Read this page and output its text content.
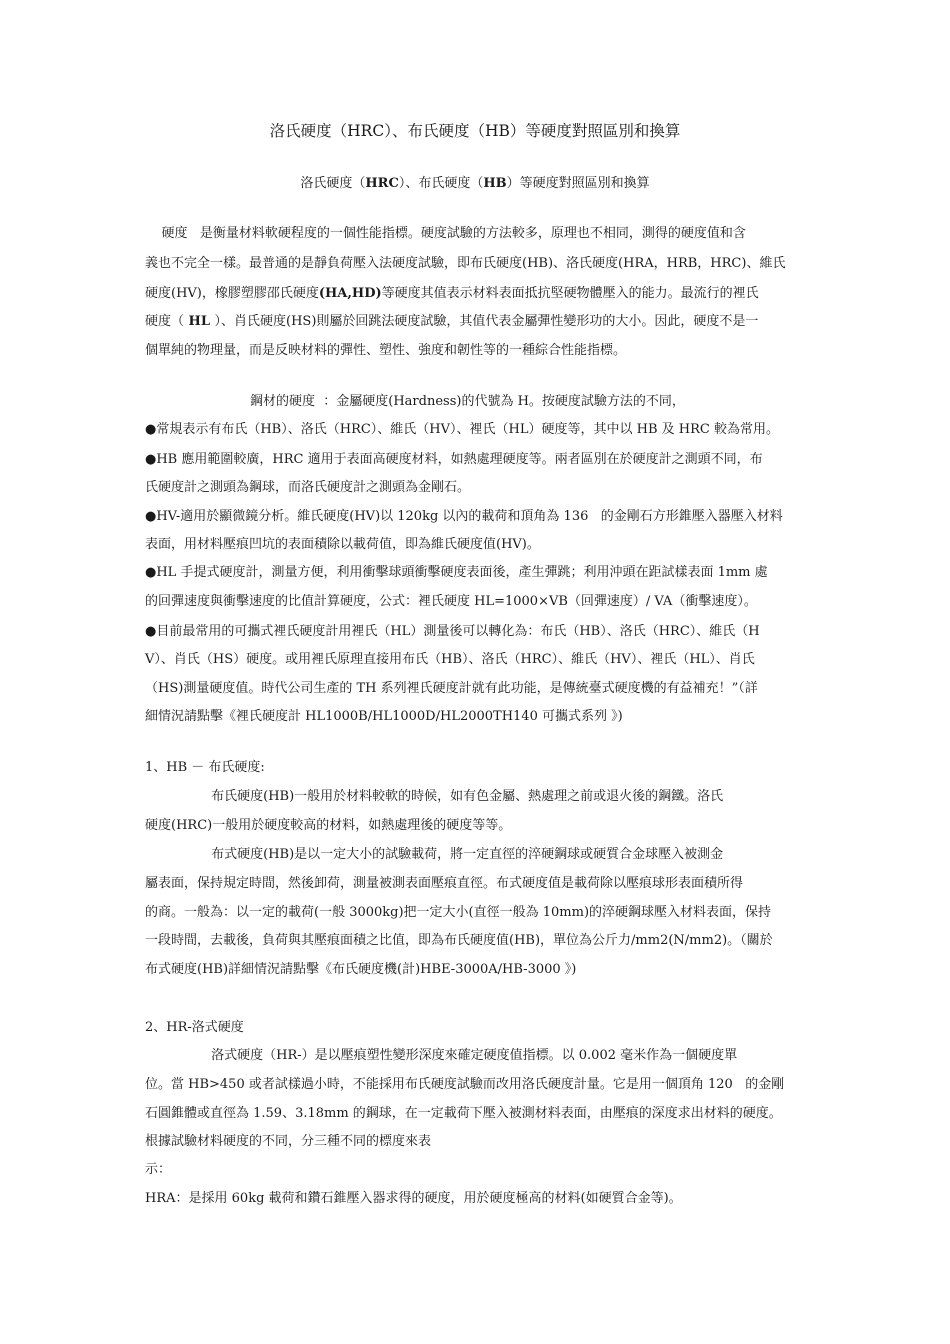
洛氏硬度（HRC）、布氏硬度（HB）等硬度對照區別和換算
洛氏硬度（HRC）、布氏硬度（HB）等硬度對照區別和換算
硬度   是衡量材料軟硬程度的一個性能指標。硬度試驗的方法較多，原理也不相同，測得的硬度值和含
義也不完全一樣。最普通的是靜負荷壓入法硬度試驗，即布氏硬度(HB)、洛氏硬度(HRA，HRB，HRC)、維氏
硬度(HV)，橡膠塑膠邵氏硬度(HA,HD)等硬度其值表示材料表面抵抗堅硬物體壓入的能力。最流行的裡氏
硬度（ HL ）、肖氏硬度(HS)則屬於回跳法硬度試驗，其值代表金屬彈性變形功的大小。因此，硬度不是一
個單純的物理量，而是反映材料的彈性、塑性、強度和韌性等的一種綜合性能指標。
鋼材的硬度  ：金屬硬度(Hardness)的代號為 H。按硬度試驗方法的不同，
●常規表示有布氏（HB）、洛氏（HRC）、維氏（HV）、裡氏（HL）硬度等，其中以 HB 及 HRC 較為常用。
●HB 應用範圍較廣，HRC 適用于表面高硬度材料，如熱處理硬度等。兩者區別在於硬度計之測頭不同，布
氏硬度計之測頭為鋼球，而洛氏硬度計之測頭為金剛石。
●HV-適用於顯微鏡分析。維氏硬度(HV)以 120kg 以內的載荷和頂角為 136   的金剛石方形錐壓入器壓入材料
表面，用材料壓痕凹坑的表面積除以載荷值，即為維氏硬度值(HV)。
●HL 手提式硬度計，測量方便，利用衝擊球頭衝擊硬度表面後，產生彈跳；利用沖頭在距試樣表面 1mm 處
的回彈速度與衝擊速度的比值計算硬度，公式：裡氏硬度 HL=1000×VB（回彈速度）/ VA（衝擊速度）。
●目前最常用的可攜式裡氏硬度計用裡氏（HL）測量後可以轉化為：布氏（HB）、洛氏（HRC）、維氏（H
V）、肖氏（HS）硬度。或用裡氏原理直接用布氏（HB）、洛氏（HRC）、維氏（HV）、裡氏（HL）、肖氏
（HS)測量硬度值。時代公司生產的 TH 系列裡氏硬度計就有此功能，是傳統臺式硬度機的有益補充！”（詳
細情況請點擊《裡氏硬度計 HL1000B/HL1000D/HL2000TH140 可攜式系列 》)
1、HB － 布氏硬度:
布氏硬度(HB)一般用於材料較軟的時候，如有色金屬、熱處理之前或退火後的鋼鐵。洛氏
硬度(HRC)一般用於硬度較高的材料，如熱處理後的硬度等等。
布式硬度(HB)是以一定大小的試驗載荷，將一定直徑的淬硬鋼球或硬質合金球壓入被測金
屬表面，保持規定時間，然後卸荷，測量被測表面壓痕直徑。布式硬度值是載荷除以壓痕球形表面積所得
的商。一般為：以一定的載荷(一般 3000kg)把一定大小(直徑一般為 10mm)的淬硬鋼球壓入材料表面，保持
一段時間，去載後，負荷與其壓痕面積之比值，即為布氏硬度值(HB)，單位為公斤力/mm2(N/mm2)。（關於
布式硬度(HB)詳細情況請點擊《布氏硬度機(計)HBE-3000A/HB-3000 》)
2、HR-洛式硬度
洛式硬度（HR-）是以壓痕塑性變形深度來確定硬度值指標。以 0.002 毫米作為一個硬度單
位。當 HB>450 或者試樣過小時，不能採用布氏硬度試驗而改用洛氏硬度計量。它是用一個頂角 120   的金剛
石圓錐體或直徑為 1.59、3.18mm 的鋼球，在一定載荷下壓入被測材料表面，由壓痕的深度求出材料的硬度。
根據試驗材料硬度的不同，分三種不同的標度來表
示：
HRA：是採用 60kg 載荷和鑽石錐壓入器求得的硬度，用於硬度極高的材料(如硬質合金等)。
